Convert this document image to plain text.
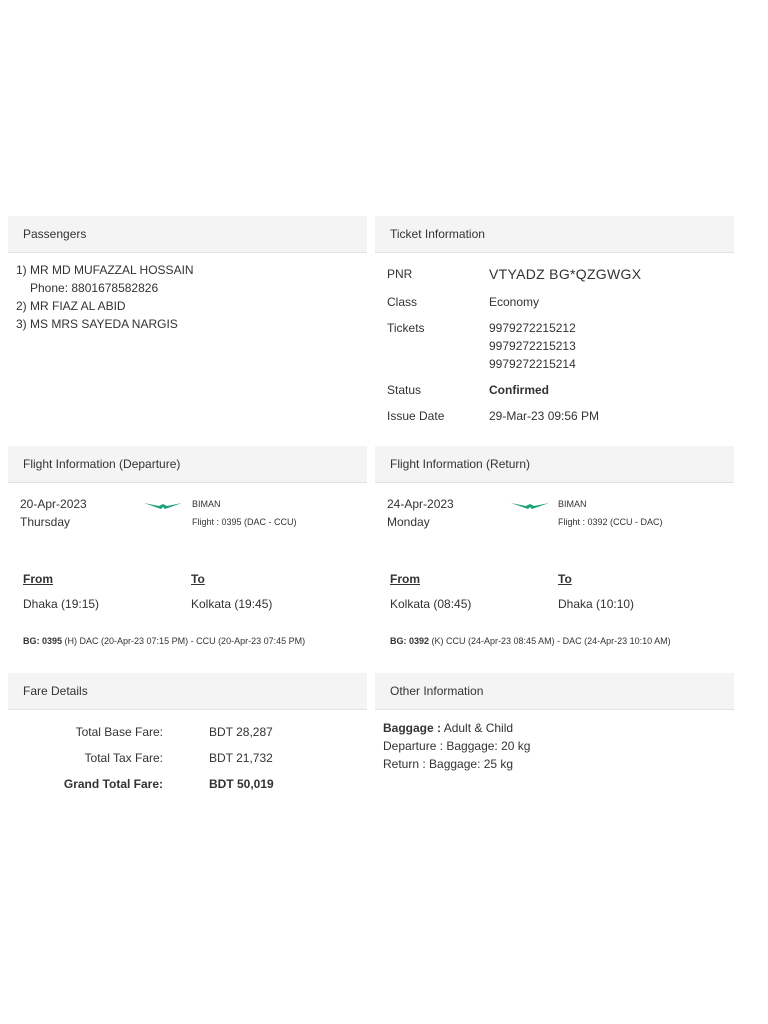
Passengers
1) MR MD MUFAZZAL HOSSAIN
Phone: 8801678582826
2) MR FIAZ AL ABID
3) MS MRS SAYEDA NARGIS
Ticket Information
PNR	VTYADZ BG*QZGWGX
Class	Economy
Tickets	9979272215212
9979272215213
9979272215214
Status	Confirmed
Issue Date	29-Mar-23 09:56 PM
Flight Information (Departure)
20-Apr-2023
Thursday
BIMAN
Flight : 0395 (DAC - CCU)
From	To
Dhaka (19:15)	Kolkata (19:45)
BG: 0395 (H) DAC (20-Apr-23 07:15 PM) - CCU (20-Apr-23 07:45 PM)
Flight Information (Return)
24-Apr-2023
Monday
BIMAN
Flight : 0392 (CCU - DAC)
From	To
Kolkata (08:45)	Dhaka (10:10)
BG: 0392 (K) CCU (24-Apr-23 08:45 AM) - DAC (24-Apr-23 10:10 AM)
Fare Details
Total Base Fare:	BDT 28,287
Total Tax Fare:	BDT 21,732
Grand Total Fare:	BDT 50,019
Other Information
Baggage : Adult & Child
Departure : Baggage: 20 kg
Return : Baggage: 25 kg
